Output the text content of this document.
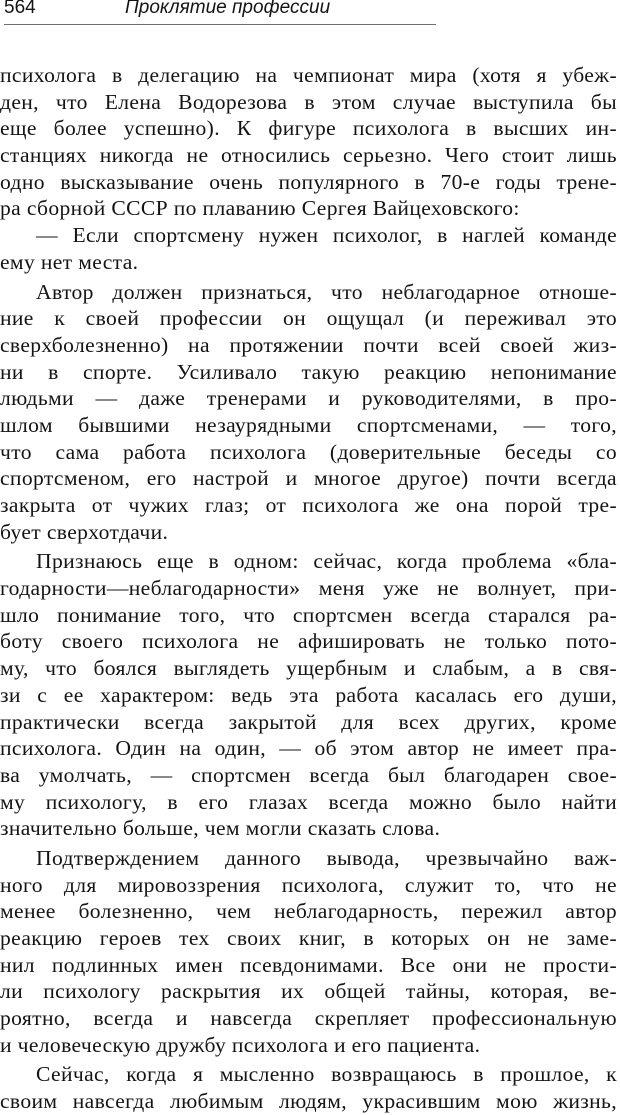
564	Проклятие профессии

психолога в делегацию на чемпионат мира (хотя я убеж-
ден, что Елена Водорезова в этом случае выступила бы
еще более успешно). К фигуре психолога в высших ин-
станциях никогда не относились серьезно. Чего стоит лишь
одно высказывание очень популярного в 70-е годы трене-
ра сборной СССР по плаванию Сергея Вайцеховского:

— Если спортсмену нужен психолог, в наглей команде
ему нет места.

Автор должен признаться, что неблагодарное отноше-
ние к своей профессии он ощущал (и переживал это
сверхболезненно) на протяжении почти всей своей жиз-
ни в спорте. Усиливало такую реакцию непонимание
людьми — даже тренерами и руководителями, в про-
шлом бывшими незаурядными спортсменами, — того,
что сама работа психолога (доверительные беседы со
спортсменом, его настрой и многое другое) почти всегда
закрыта от чужих глаз; от психолога же она порой тре-
бует сверхотдачи.

Признаюсь еще в одном: сейчас, когда проблема «бла-
годарности—неблагодарности» меня уже не волнует, при-
шло понимание того, что спортсмен всегда старался ра-
боту своего психолога не афишировать не только пото-
му, что боялся выглядеть ущербным и слабым, а в свя-
зи с ее характером: ведь эта работа касалась его души,
практически всегда закрытой для всех других, кроме
психолога. Один на один, — об этом автор не имеет пра-
ва умолчать, — спортсмен всегда был благодарен свое-
му психологу, в его глазах всегда можно было найти
значительно больше, чем могли сказать слова.

Подтверждением данного вывода, чрезвычайно важ-
ного для мировоззрения психолога, служит то, что не
менее болезненно, чем неблагодарность, пережил автор
реакцию героев тех своих книг, в которых он не заме-
нил подлинных имен псевдонимами. Все они не прости-
ли психологу раскрытия их общей тайны, которая, ве-
роятно, всегда и навсегда скрепляет профессиональную
и человеческую дружбу психолога и его пациента.

Сейчас, когда я мысленно возвращаюсь в прошлое, к
своим навсегда любимым людям, украсившим мою жизнь,
